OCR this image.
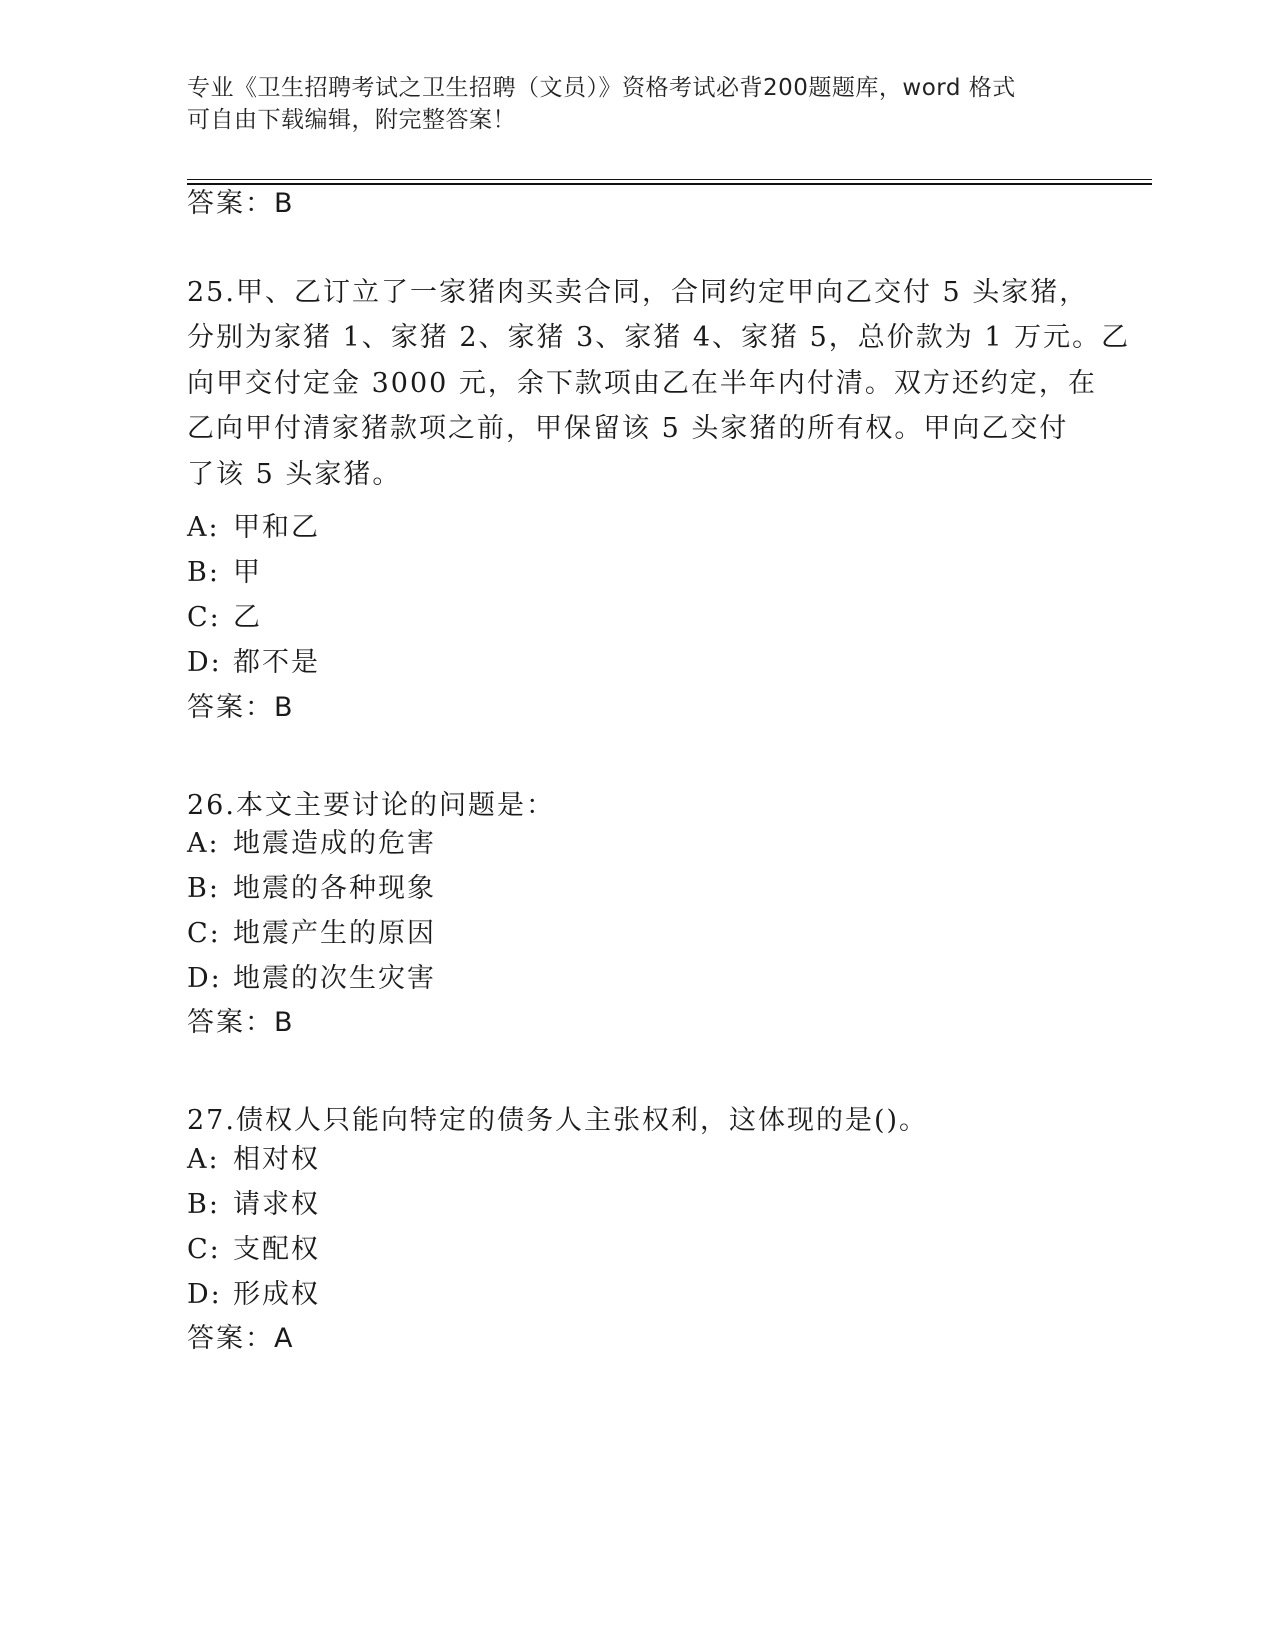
专业《卫生招聘考试之卫生招聘（文员）》资格考试必背200题题库，word 格式
可自由下载编辑，附完整答案！
答案：B
25.甲、乙订立了一家猪肉买卖合同，合同约定甲向乙交付 5 头家猪，
分别为家猪 1、家猪 2、家猪 3、家猪 4、家猪 5，总价款为 1 万元。乙
向甲交付定金 3000 元，余下款项由乙在半年内付清。双方还约定，在
乙向甲付清家猪款项之前，甲保留该 5 头家猪的所有权。甲向乙交付
了该 5 头家猪。
A: 甲和乙
B: 甲
C: 乙
D: 都不是
答案：B
26.本文主要讨论的问题是：
A: 地震造成的危害
B: 地震的各种现象
C: 地震产生的原因
D: 地震的次生灾害
答案：B
27.债权人只能向特定的债务人主张权利，这体现的是()。
A: 相对权
B: 请求权
C: 支配权
D: 形成权
答案：A
